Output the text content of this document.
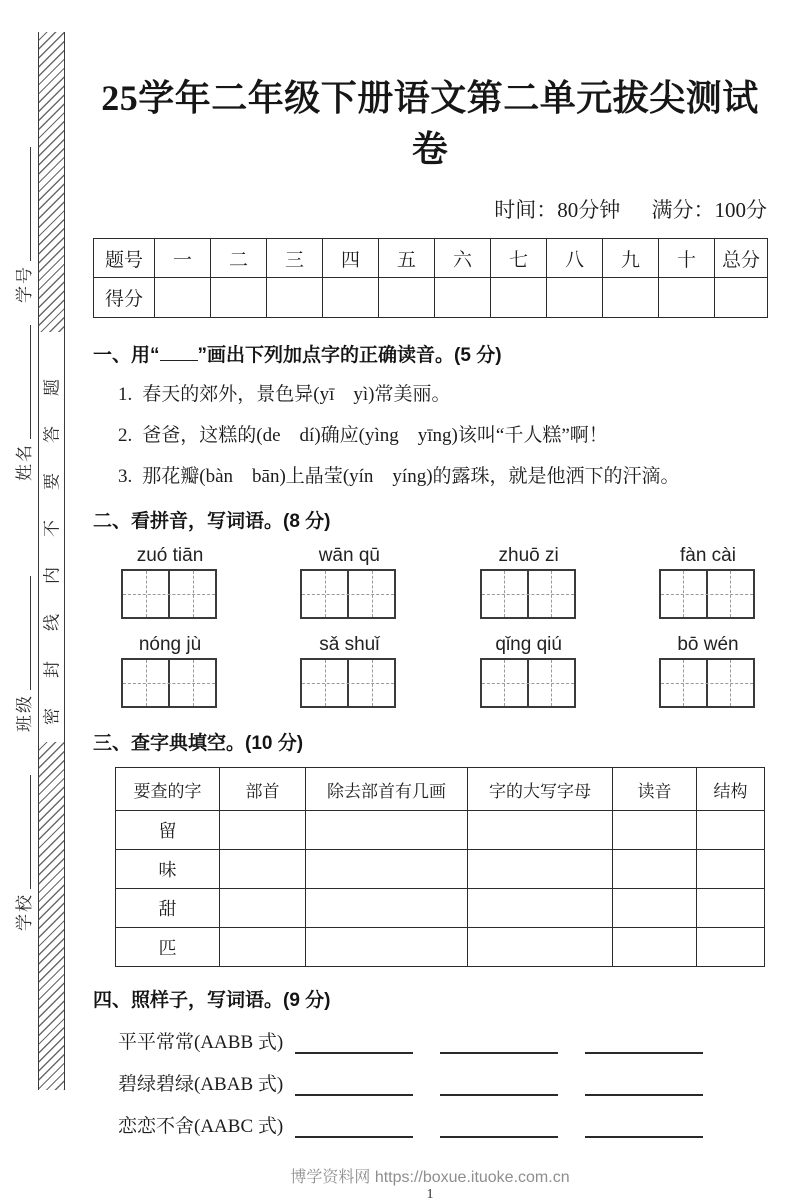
学号
姓名
班级
学校
密封线内不要答题
25学年二年级下册语文第二单元拔尖测试卷
时间：80分钟 满分：100分
题号	一	二	三	四	五	六	七	八	九	十	总分
得分											
一、用“ ”画出下列加点字的正确读音。(5 分)
1. 春天的郊外，景色异 •(yī　yì)常美丽。
2. 爸爸，这糕的 •(de　dí)确应 •(yìng　yīng)该叫“千人糕”啊！
3. 那花瓣 •(bàn　bān)上晶莹 •(yín　yíng)的露珠，就是他洒下的汗滴。
二、看拼音，写词语。(8 分)
zuó tiān	wān qū	zhuō zi	fàn cài
nóng jù	sǎ shuǐ	qǐng qiú	bō wén
三、查字典填空。(10 分)
要查的字	部首	除去部首有几画	字的大写字母	读音	结构
留					
味					
甜					
匹					
四、照样子，写词语。(9 分)
平平常常(AABB 式)
碧绿碧绿(ABAB 式)
恋恋不舍(AABC 式)
博学资料网 https://boxue.ituoke.com.cn
1
